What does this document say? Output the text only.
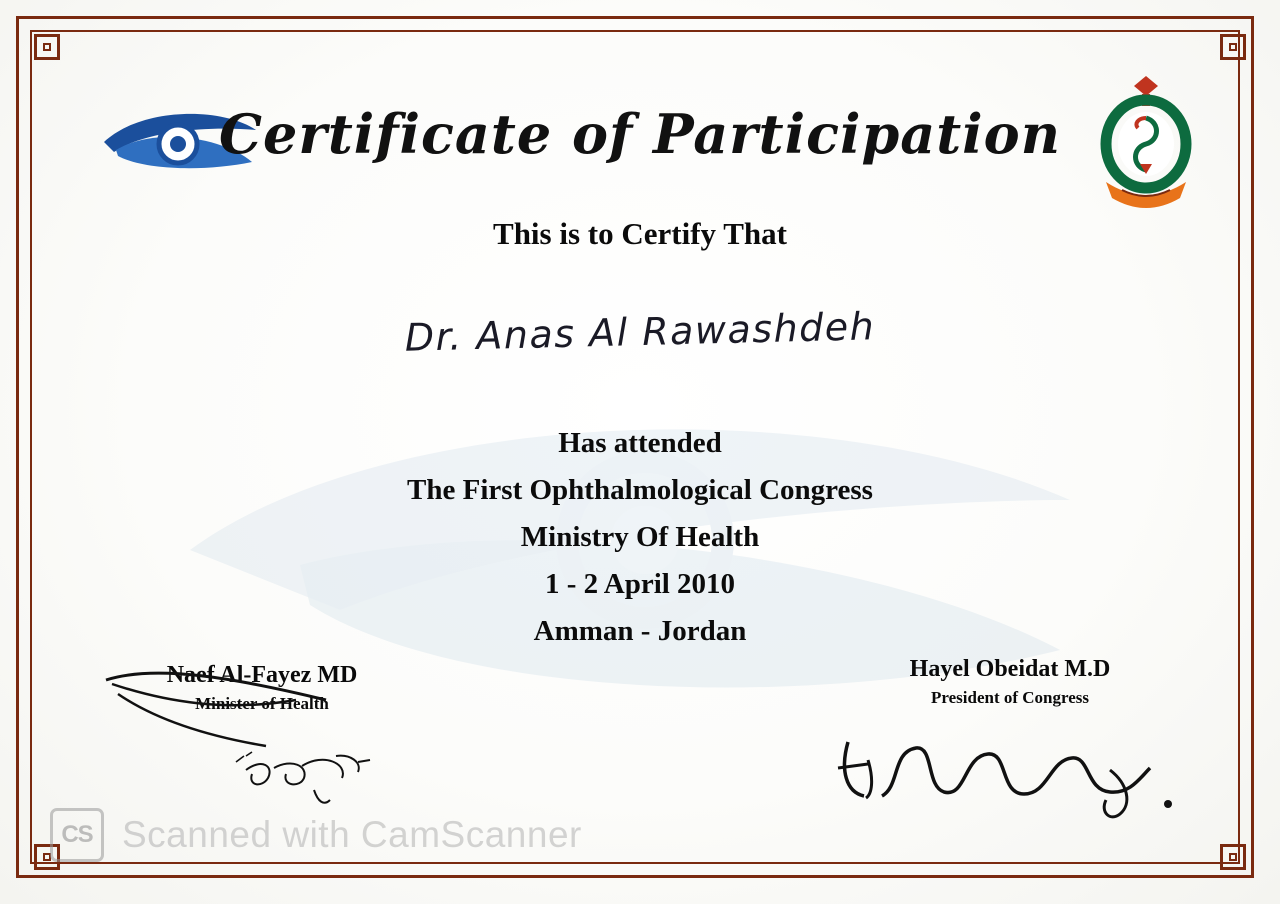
Certificate of Participation
This is to Certify That
Dr. Anas Al Rawashdeh
Has attended
The First Ophthalmological Congress
Ministry Of Health
1 - 2 April 2010
Amman - Jordan
Naef Al-Fayez MD
Minister of Health
Hayel Obeidat M.D
President of Congress
CS Scanned with CamScanner
